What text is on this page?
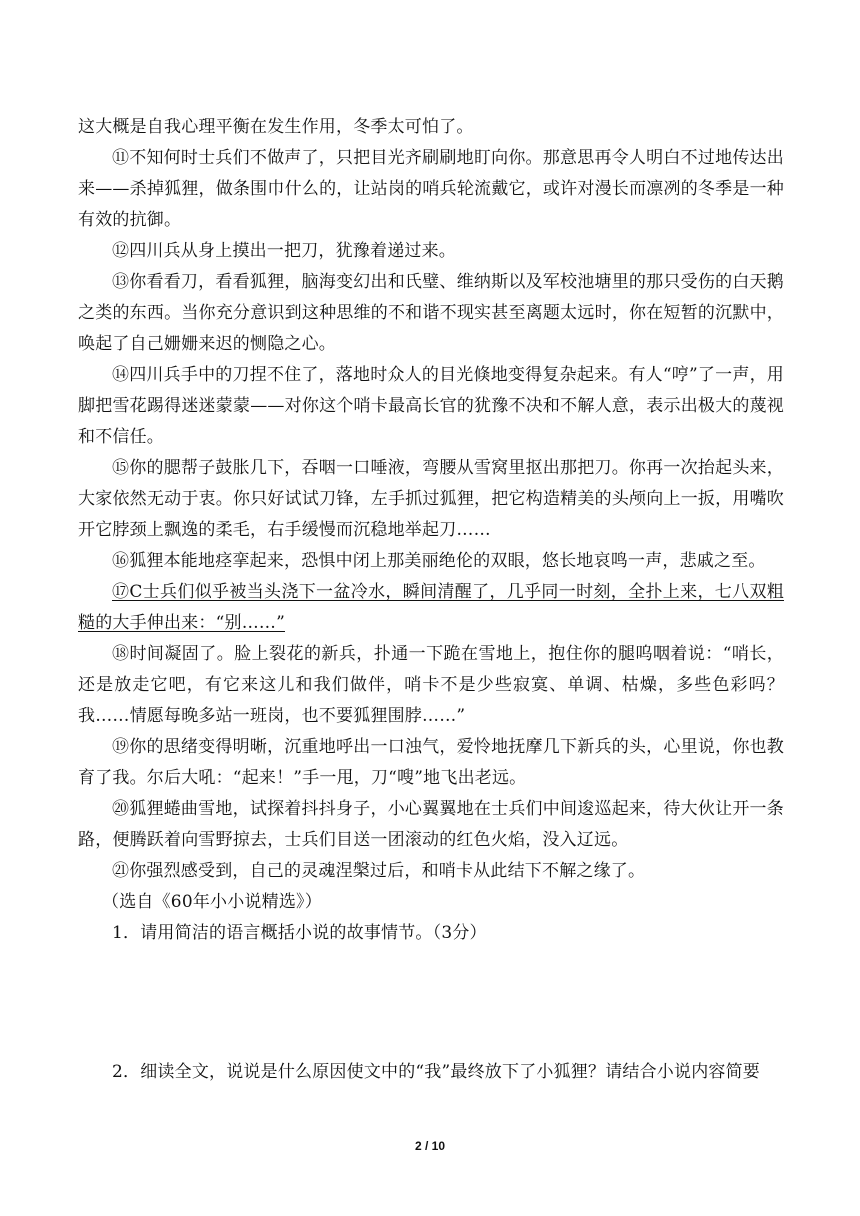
这大概是自我心理平衡在发生作用，冬季太可怕了。

⑪不知何时士兵们不做声了，只把目光齐刷刷地盯向你。那意思再令人明白不过地传达出来——杀掉狐狸，做条围巾什么的，让站岗的哨兵轮流戴它，或许对漫长而凛冽的冬季是一种有效的抗御。

⑫四川兵从身上摸出一把刀，犹豫着递过来。

⑬你看看刀，看看狐狸，脑海变幻出和氏璧、维纳斯以及军校池塘里的那只受伤的白天鹅之类的东西。当你充分意识到这种思维的不和谐不现实甚至离题太远时，你在短暂的沉默中，唤起了自己姗姗来迟的恻隐之心。

⑭四川兵手中的刀捏不住了，落地时众人的目光倏地变得复杂起来。有人“哼”了一声，用脚把雪花踢得迷迷蒙蒙——对你这个哨卡最高长官的犹豫不决和不解人意，表示出极大的蔑视和不信任。

⑮你的腮帮子鼓胀几下，吞咽一口唾液，弯腰从雪窝里抠出那把刀。你再一次抬起头来，大家依然无动于衷。你只好试试刀锋，左手抓过狐狸，把它构造精美的头颅向上一扳，用嘴吹开它脖颈上飘逸的柔毛，右手缓慢而沉稳地举起刀……

⑯狐狸本能地痉挛起来，恐惧中闭上那美丽绝伦的双眼，悠长地哀鸣一声，悲戚之至。

⑰C士兵们似乎被当头浇下一盆冷水，瞬间清醒了，几乎同一时刻，全扑上来，七八双粗糙的大手伸出来：“别……”

⑱时间凝固了。脸上裂花的新兵，扑通一下跪在雪地上，抱住你的腿呜咽着说：“哨长，还是放走它吧，有它来这儿和我们做伴，哨卡不是少些寂寞、单调、枯燥，多些色彩吗？我……情愿每晚多站一班岗，也不要狐狸围脖……”

⑲你的思绪变得明晰，沉重地呼出一口浊气，爱怜地抚摩几下新兵的头，心里说，你也教育了我。尔后大吼：“起来！”手一甩，刀“嗖”地飞出老远。

⑳狐狸蜷曲雪地，试探着抖抖身子，小心翼翼地在士兵们中间逡巡起来，待大伙让开一条路，便腾跃着向雪野掠去，士兵们目送一团滚动的红色火焰，没入辽远。

㉑你强烈感受到，自己的灵魂涅槃过后，和哨卡从此结下不解之缘了。

（选自《60年小小说精选》）

1．请用简洁的语言概括小说的故事情节。（3分）

2．细读全文，说说是什么原因使文中的“我”最终放下了小狐狸？请结合小说内容简要

2 / 10
